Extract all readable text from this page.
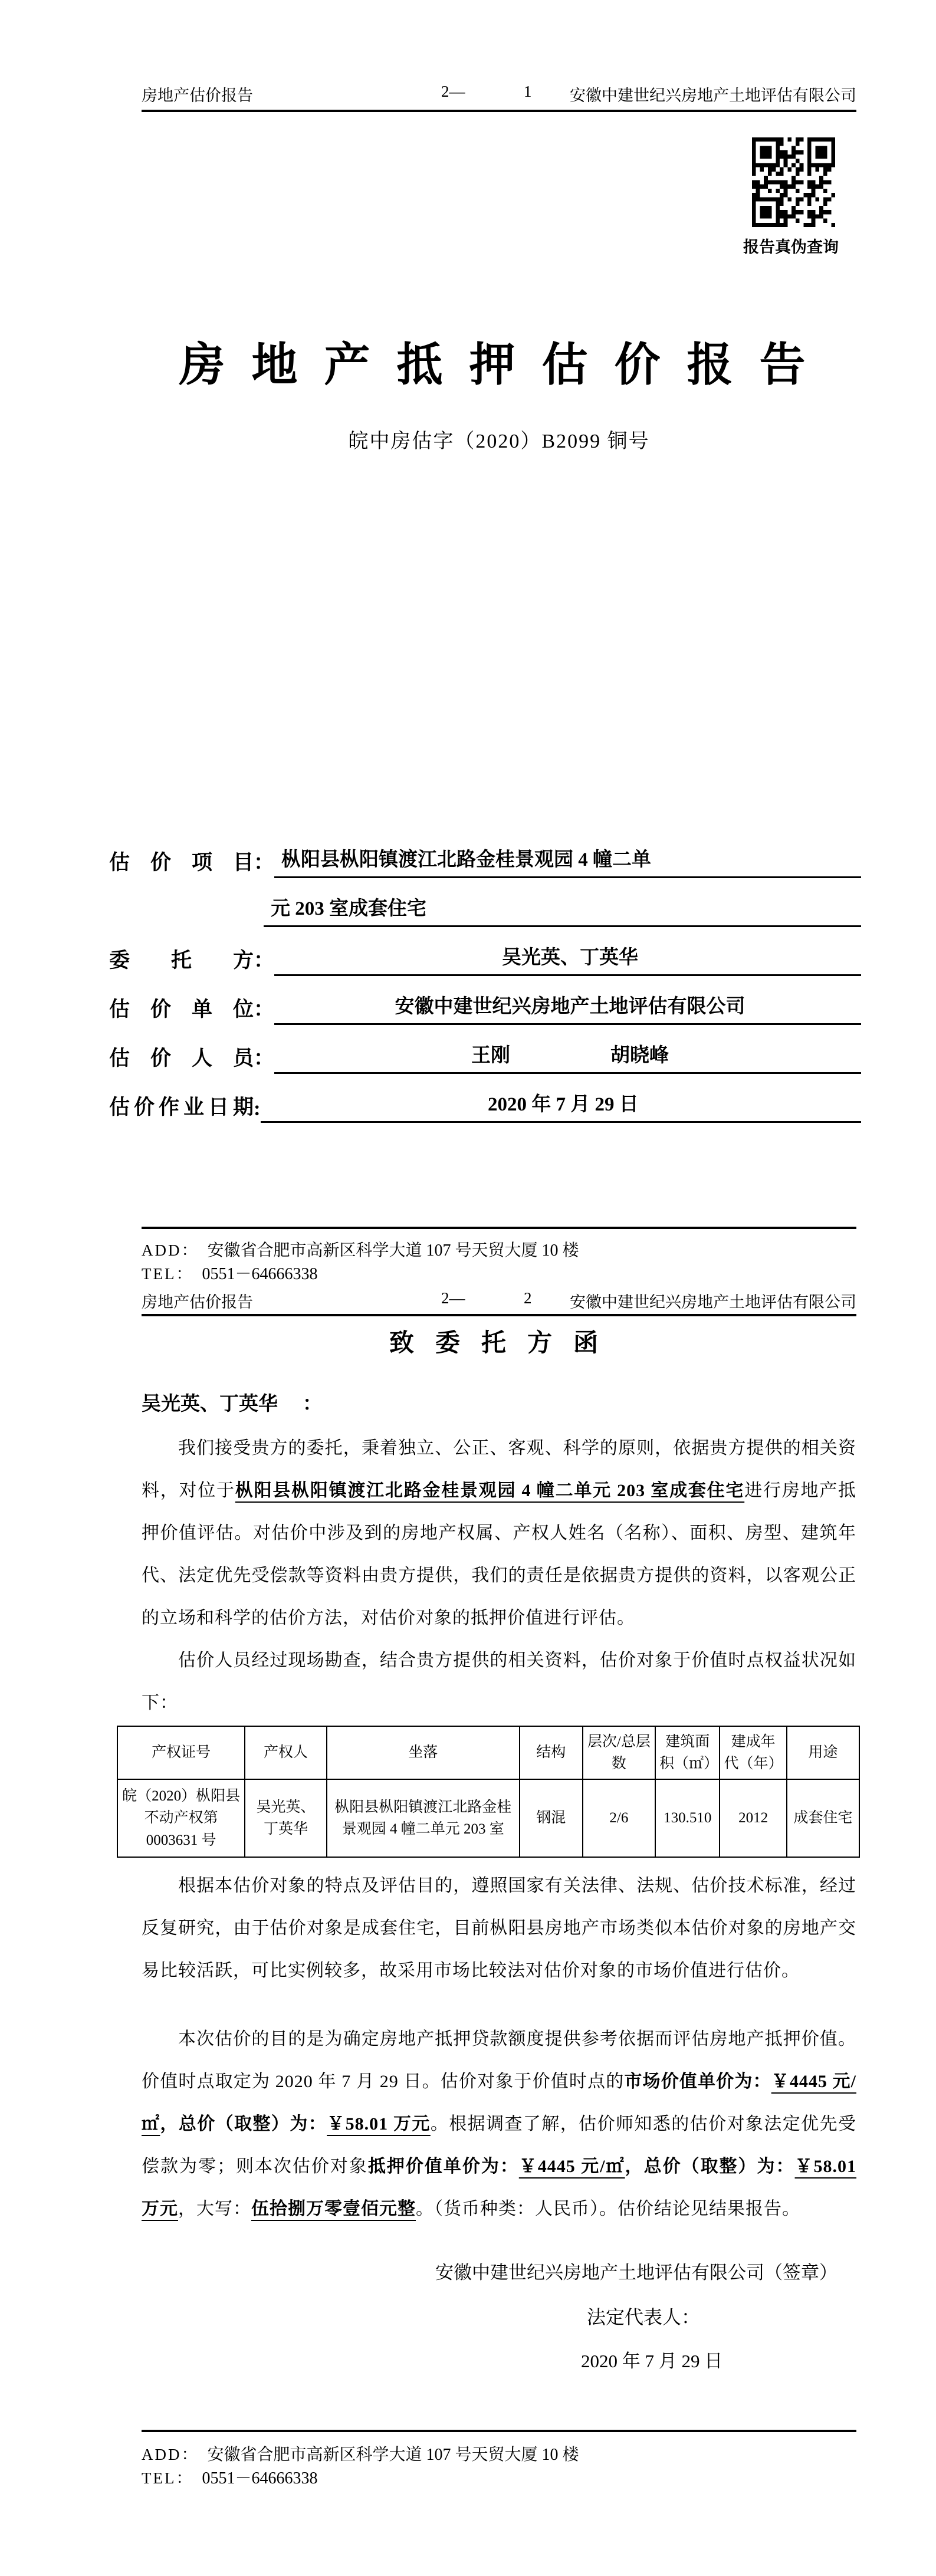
房地产估价报告	2—	1 安徽中建世纪兴房地产土地评估有限公司
报告真伪查询
房地产抵押估价报告
皖中房估字（2020）B2099 铜号
估价项目 ： 枞阳县枞阳镇渡江北路金桂景观园 4 幢二单
元 203 室成套住宅
委托方 ：	吴光英、丁英华
估价单位 ：	安徽中建世纪兴房地产土地评估有限公司
估价人员 ：	王刚	胡晓峰
估价作业日期 :	2020 年 7 月 29 日
ADD： 安徽省合肥市高新区科学大道 107 号天贸大厦 10 楼
TEL： 0551－64666338
房地产估价报告	2—	2 安徽中建世纪兴房地产土地评估有限公司
致委托方函
吴光英、丁英华 ：
我们接受贵方的委托，秉着独立、公正、客观、科学的原则，依据贵方提供的相关资料，对位于枞阳县枞阳镇渡江北路金桂景观园 4 幢二单元 203 室成套住宅进行房地产抵押价值评估。对估价中涉及到的房地产权属、产权人姓名（名称）、面积、房型、建筑年代、法定优先受偿款等资料由贵方提供，我们的责任是依据贵方提供的资料，以客观公正的立场和科学的估价方法，对估价对象的抵押价值进行评估。
估价人员经过现场勘查，结合贵方提供的相关资料，估价对象于价值时点权益状况如下：
产权证号	产权人	坐落	结构	层次/总层数	建筑面积（㎡）	建成年代（年）	用途
皖（2020）枞阳县不动产权第0003631 号	吴光英、丁英华	枞阳县枞阳镇渡江北路金桂景观园 4 幢二单元 203 室	钢混	2/6	130.510	2012	成套住宅
根据本估价对象的特点及评估目的，遵照国家有关法律、法规、估价技术标准，经过反复研究，由于估价对象是成套住宅，目前枞阳县房地产市场类似本估价对象的房地产交易比较活跃，可比实例较多，故采用市场比较法对估价对象的市场价值进行估价。
本次估价的目的是为确定房地产抵押贷款额度提供参考依据而评估房地产抵押价值。价值时点取定为 2020 年 7 月 29 日。估价对象于价值时点的市场价值单价为：￥4445 元/㎡，总价（取整）为：￥58.01 万元。根据调查了解，估价师知悉的估价对象法定优先受偿款为零；则本次估价对象抵押价值单价为：￥4445 元/㎡，总价（取整）为：￥58.01 万元，大写：伍拾捌万零壹佰元整。（货币种类：人民币）。估价结论见结果报告。
安徽中建世纪兴房地产土地评估有限公司（签章）
法定代表人：
2020 年 7 月 29 日
ADD： 安徽省合肥市高新区科学大道 107 号天贸大厦 10 楼
TEL： 0551－64666338
